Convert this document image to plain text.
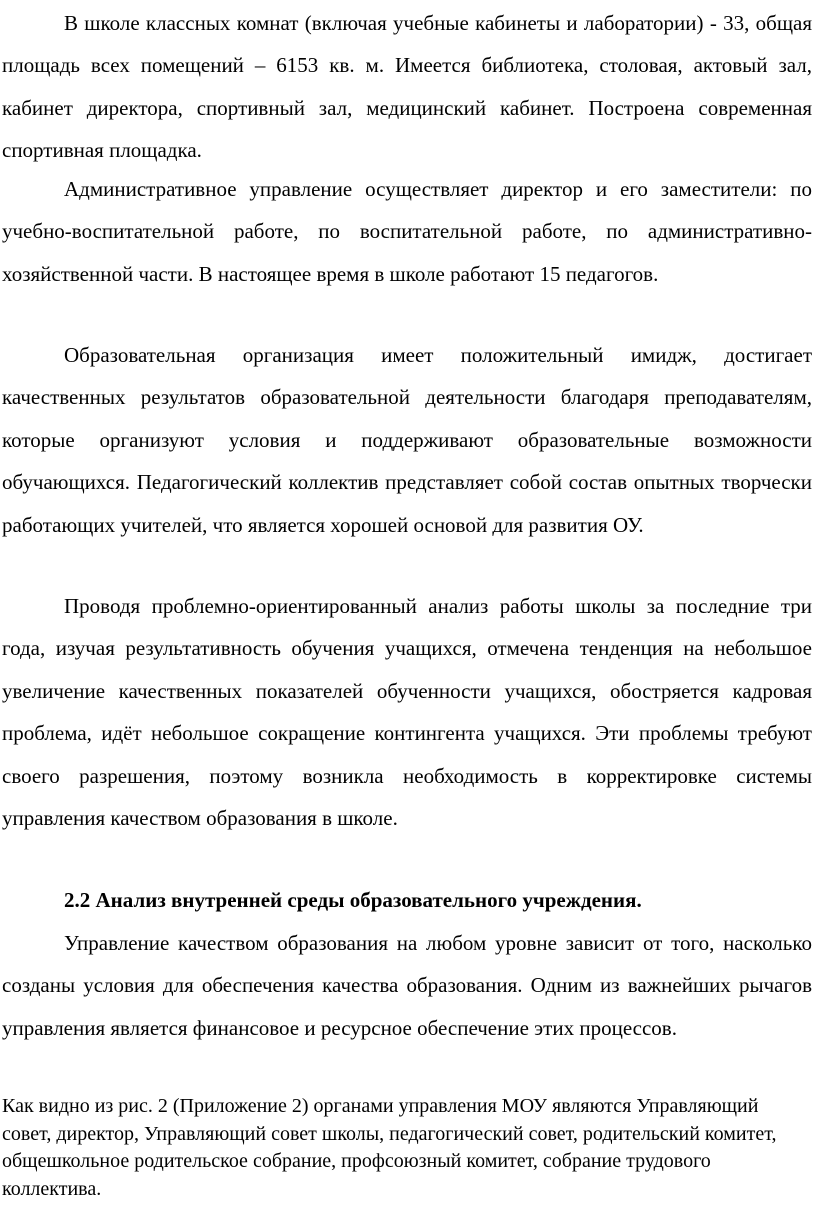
В школе классных комнат (включая учебные кабинеты и лаборатории) - 33, общая площадь всех помещений – 6153 кв. м. Имеется библиотека, столовая, актовый зал, кабинет директора, спортивный зал, медицинский кабинет. Построена современная спортивная площадка.

Административное управление осуществляет директор и его заместители: по учебно-воспитательной работе, по воспитательной работе, по административно-хозяйственной части. В настоящее время в школе работают 15 педагогов.

Образовательная организация имеет положительный имидж, достигает качественных результатов образовательной деятельности благодаря преподавателям, которые организуют условия и поддерживают образовательные возможности обучающихся. Педагогический коллектив представляет собой состав опытных творчески работающих учителей, что является хорошей основой для развития ОУ.

Проводя проблемно-ориентированный анализ работы школы за последние три года, изучая результативность обучения учащихся, отмечена тенденция на небольшое увеличение качественных показателей обученности учащихся, обостряется кадровая проблема, идёт небольшое сокращение контингента учащихся. Эти проблемы требуют своего разрешения, поэтому возникла необходимость в корректировке системы управления качеством образования в школе.

2.2 Анализ внутренней среды образовательного учреждения.

Управление качеством образования на любом уровне зависит от того, насколько созданы условия для обеспечения качества образования. Одним из важнейших рычагов управления является финансовое и ресурсное обеспечение этих процессов.

Как видно из рис. 2 (Приложение 2) органами управления МОУ являются Управляющий совет, директор, Управляющий совет школы, педагогический совет, родительский комитет, общешкольное родительское собрание, профсоюзный комитет, собрание трудового коллектива.
